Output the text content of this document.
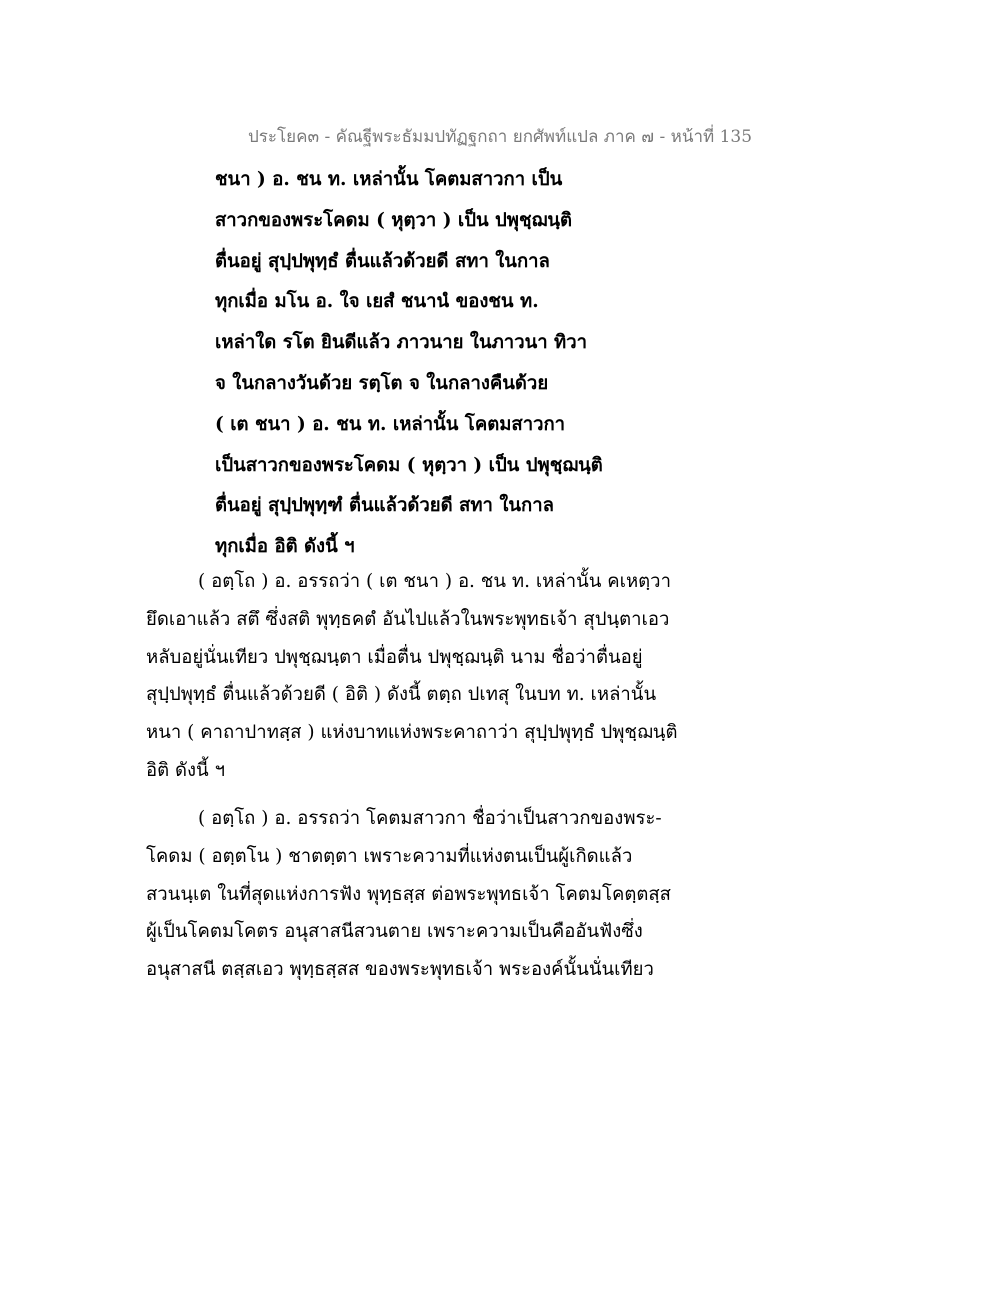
ประโยค๓ - คัณฐีพระธัมมปทัฏฐกถา ยกศัพท์แปล ภาค ๗ - หน้าที่ 135
ชนา ) อ. ชน ท. เหล่านั้น โคตมสาวกา เป็น
สาวกของพระโคดม ( หุตฺวา ) เป็น ปพุชฺฌนฺติ
ตื่นอยู่ สุปฺปพุทฺธํ ตื่นแล้วด้วยดี สทา ในกาล
ทุกเมื่อ มโน อ. ใจ เยสํ ชนานํ ของชน ท.
เหล่าใด รโต ยินดีแล้ว ภาวนาย ในภาวนา ทิวา
จ ในกลางวันด้วย รตฺโต จ ในกลางคืนด้วย
( เต ชนา ) อ. ชน ท. เหล่านั้น โคตมสาวกา
เป็นสาวกของพระโคดม ( หุตฺวา ) เป็น ปพุชฺฌนฺติ
ตื่นอยู่ สุปฺปพุทฺฑํ ตื่นแล้วด้วยดี สทา ในกาล
ทุกเมื่อ อิติ ดังนี้ ฯ
( อตฺโถ ) อ. อรรถว่า ( เต ชนา ) อ. ชน ท. เหล่านั้น คเหตฺวา
ยึดเอาแล้ว สตึ ซึ่งสติ พุทฺธคตํ อันไปแล้วในพระพุทธเจ้า สุปนฺตาเอว
หลับอยู่นั่นเทียว ปพุชฺฌนฺตา เมื่อตื่น ปพุชฺฌนฺติ นาม ชื่อว่าตื่นอยู่
สุปฺปพุทฺธํ ตื่นแล้วด้วยดี ( อิติ ) ดังนี้ ตตฺถ ปเทสุ ในบท ท. เหล่านั้น
หนา ( คาถาปาทสฺส ) แห่งบาทแห่งพระคาถาว่า สุปฺปพุทฺธํ ปพุชฺฌนฺติ
อิติ ดังนี้ ฯ
( อตฺโถ ) อ. อรรถว่า โคตมสาวกา ชื่อว่าเป็นสาวกของพระ-
โคดม ( อตฺตโน ) ชาตตฺตา เพราะความที่แห่งตนเป็นผู้เกิดแล้ว
สวนนฺเต ในที่สุดแห่งการฟัง พุทฺธสฺส ต่อพระพุทธเจ้า โคตมโคตฺตสฺส
ผู้เป็นโคตมโคตร อนุสาสนีสวนตาย เพราะความเป็นคืออันฟังซึ่ง
อนุสาสนี ตสฺสเอว พุทฺธสฺสส ของพระพุทธเจ้า พระองค์นั้นนั่นเทียว
